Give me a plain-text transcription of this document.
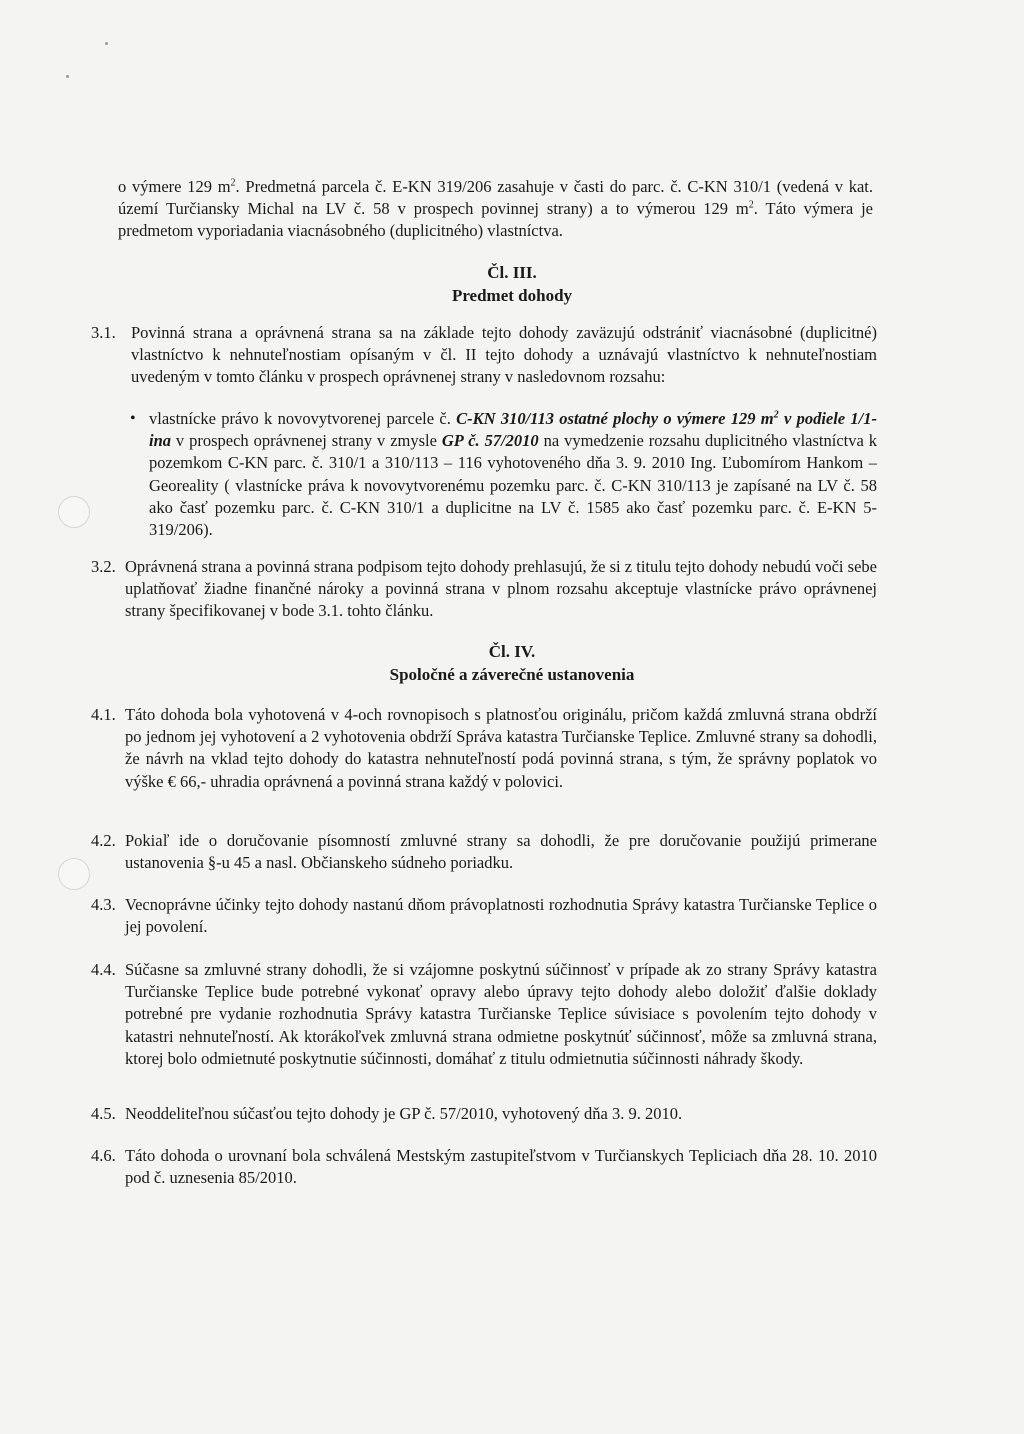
o výmere 129 $m^2$. Predmetná parcela č. E-KN 319/206 zasahuje v časti do parc. č. C-KN 310/1 (vedená v kat. území Turčiansky Michal na LV č. 58 v prospech povinnej strany) a to výmerou 129 $m^2$. Táto výmera je predmetom vyporiadania viacnásobného (duplicitného) vlastníctva.
Čl. III.
Predmet dohody
3.1. Povinná strana a oprávnená strana sa na základe tejto dohody zaväzujú odstrániť viacnásobné (duplicitné) vlastníctvo k nehnuteľnostiam opísaným v čl. II tejto dohody a uznávajú vlastníctvo k nehnuteľnostiam uvedeným v tomto článku v prospech oprávnenej strany v nasledovnom rozsahu:
• vlastnícke právo k novovytvorenej parcele č. C-KN 310/113 ostatné plochy o výmere 129 $m^2$ v podiele 1/1-ina v prospech oprávnenej strany v zmysle GP č. 57/2010 na vymedzenie rozsahu duplicitného vlastníctva k pozemkom C-KN parc. č. 310/1 a 310/113 – 116 vyhotoveného dňa 3. 9. 2010 Ing. Ľubomírom Hankom – Georeality ( vlastnícke práva k novovytvorenému pozemku parc. č. C-KN 310/113 je zapísané na LV č. 58 ako časť pozemku parc. č. C-KN 310/1 a duplicitne na LV č. 1585 ako časť pozemku parc. č. E-KN 5-319/206).
3.2. Oprávnená strana a povinná strana podpisom tejto dohody prehlasujú, že si z titulu tejto dohody nebudú voči sebe uplatňovať žiadne finančné nároky a povinná strana v plnom rozsahu akceptuje vlastnícke právo oprávnenej strany špecifikovanej v bode 3.1. tohto článku.
Čl. IV.
Spoločné a záverečné ustanovenia
4.1. Táto dohoda bola vyhotovená v 4-och rovnopisoch s platnosťou originálu, pričom každá zmluvná strana obdrží po jednom jej vyhotovení a 2 vyhotovenia obdrží Správa katastra Turčianske Teplice. Zmluvné strany sa dohodli, že návrh na vklad tejto dohody do katastra nehnuteľností podá povinná strana, s tým, že správny poplatok vo výške € 66,- uhradia oprávnená a povinná strana každý v polovici.
4.2. Pokiaľ ide o doručovanie písomností zmluvné strany sa dohodli, že pre doručovanie použijú primerane ustanovenia §-u 45 a nasl. Občianskeho súdneho poriadku.
4.3. Vecnoprávne účinky tejto dohody nastanú dňom právoplatnosti rozhodnutia Správy katastra Turčianske Teplice o jej povolení.
4.4. Súčasne sa zmluvné strany dohodli, že si vzájomne poskytnú súčinnosť v prípade ak zo strany Správy katastra Turčianske Teplice bude potrebné vykonať opravy alebo úpravy tejto dohody alebo doložiť ďalšie doklady potrebné pre vydanie rozhodnutia Správy katastra Turčianske Teplice súvisiace s povolením tejto dohody v katastri nehnuteľností. Ak ktorákoľvek zmluvná strana odmietne poskytnúť súčinnosť, môže sa zmluvná strana, ktorej bolo odmietnuté poskytnutie súčinnosti, domáhať z titulu odmietnutia súčinnosti náhrady škody.
4.5. Neoddeliteľnou súčasťou tejto dohody je GP č. 57/2010, vyhotovený dňa 3. 9. 2010.
4.6. Táto dohoda o urovnaní bola schválená Mestským zastupiteľstvom v Turčianskych Tepliciach dňa 28. 10. 2010 pod č. uznesenia 85/2010.
